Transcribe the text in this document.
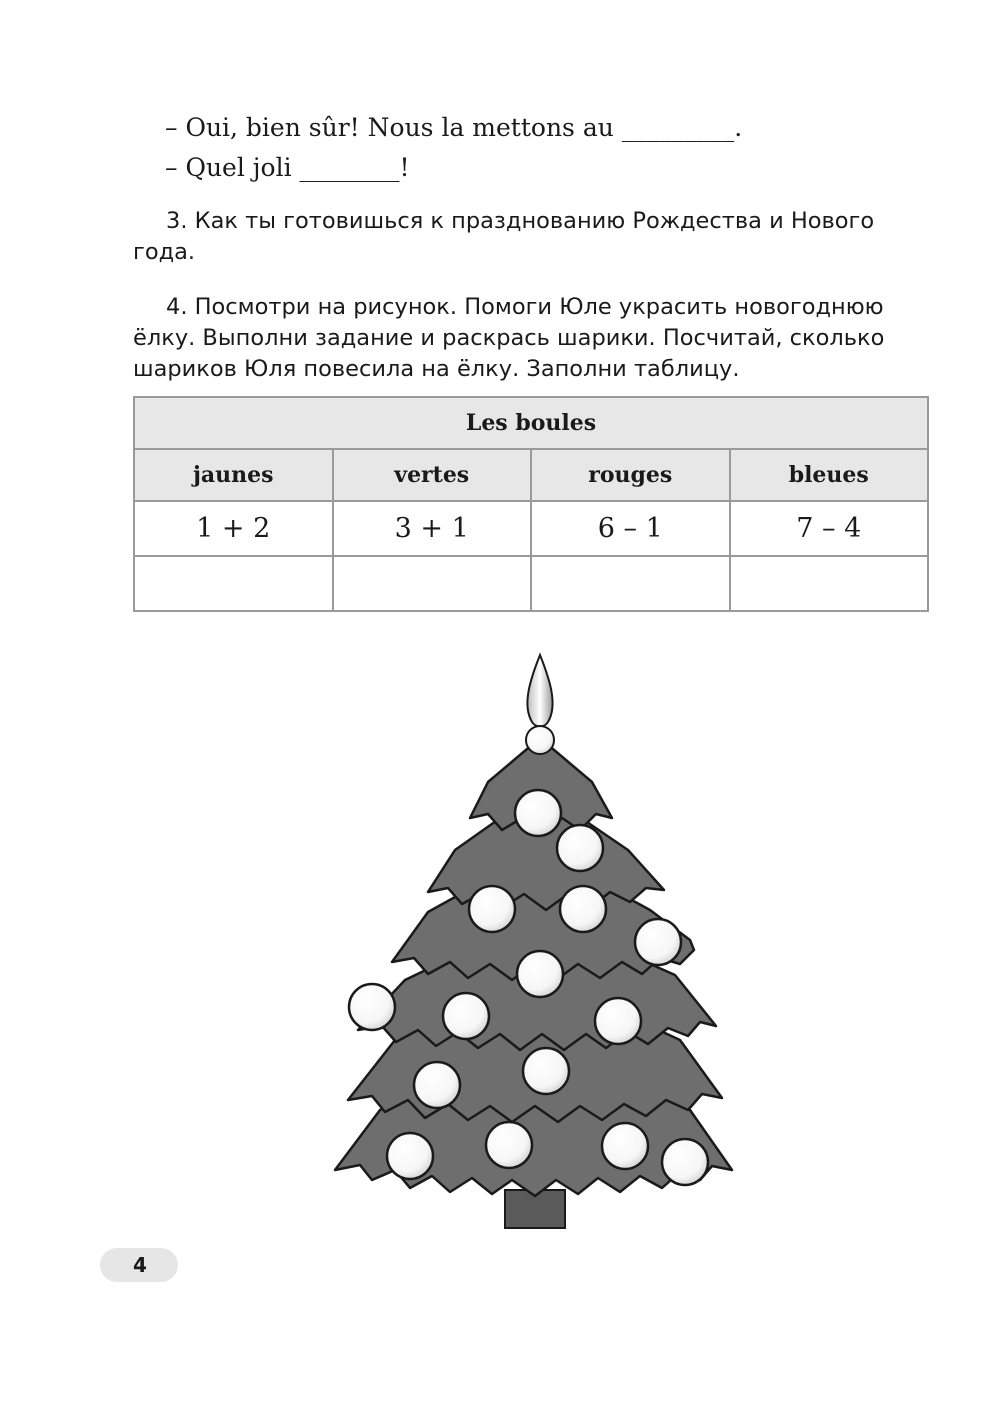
– Oui, bien sûr! Nous la mettons au _________.
– Quel joli ________!

3. Как ты готовишься к празднованию Рождества и Нового года.

4. Посмотри на рисунок. Помоги Юле украсить новогоднюю ёлку. Выполни задание и раскрась шарики. Посчитай, сколько шариков Юля повесила на ёлку. Заполни таблицу.

Les boules			
jaunes	vertes	rouges	bleues
1 + 2	3 + 1	6 – 1	7 – 4

4
